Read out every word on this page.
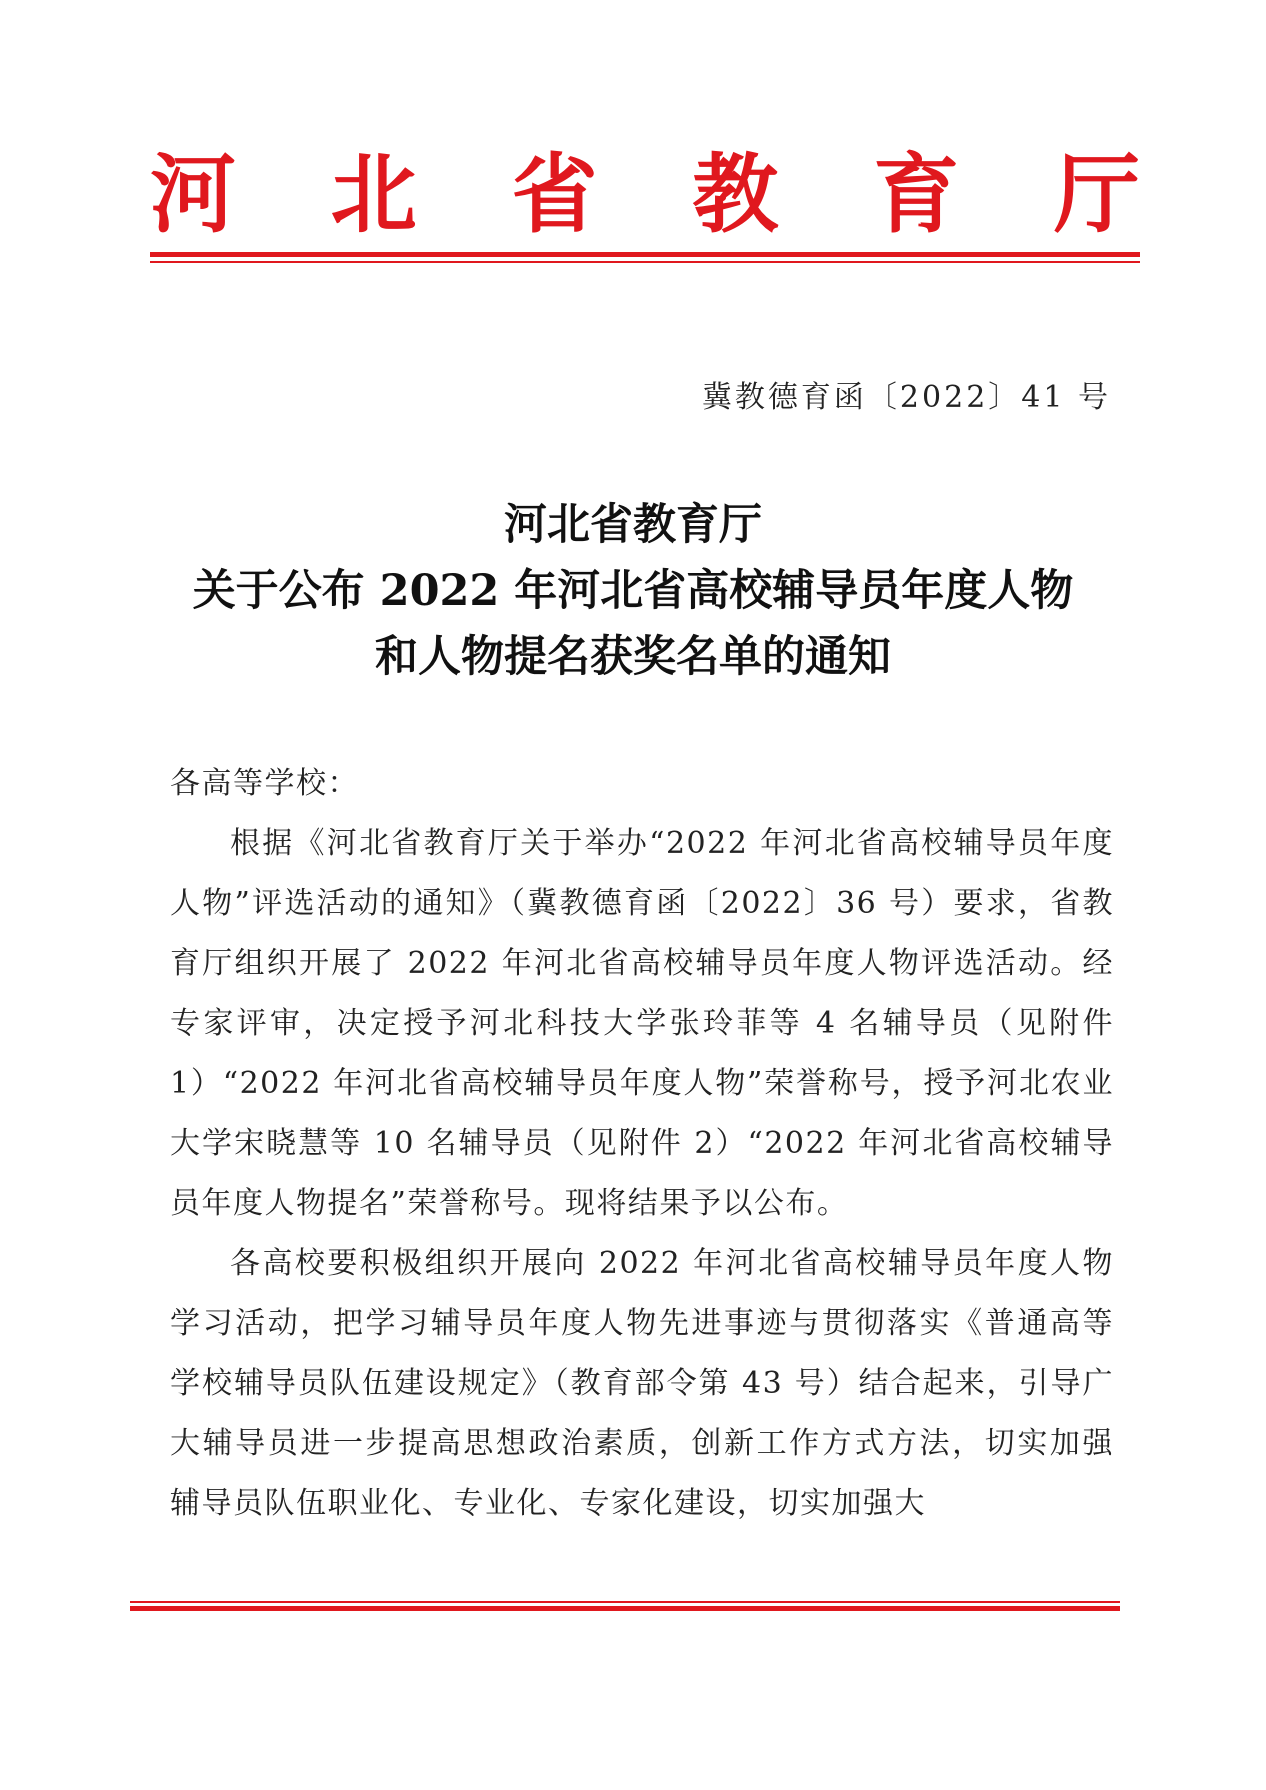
河 北 省 教 育 厅
冀教德育函〔2022〕41 号
河北省教育厅
关于公布 2022 年河北省高校辅导员年度人物
和人物提名获奖名单的通知

各高等学校：

根据《河北省教育厅关于举办“2022 年河北省高校辅导员年度人物”评选活动的通知》（冀教德育函〔2022〕36 号）要求，省教育厅组织开展了 2022 年河北省高校辅导员年度人物评选活动。经专家评审，决定授予河北科技大学张玲菲等 4 名辅导员（见附件 1）“2022 年河北省高校辅导员年度人物”荣誉称号，授予河北农业大学宋晓慧等 10 名辅导员（见附件 2）“2022 年河北省高校辅导员年度人物提名”荣誉称号。现将结果予以公布。

各高校要积极组织开展向 2022 年河北省高校辅导员年度人物学习活动，把学习辅导员年度人物先进事迹与贯彻落实《普通高等学校辅导员队伍建设规定》（教育部令第 43 号）结合起来，引导广大辅导员进一步提高思想政治素质，创新工作方式方法，切实加强辅导员队伍职业化、专业化、专家化建设，切实加强大
